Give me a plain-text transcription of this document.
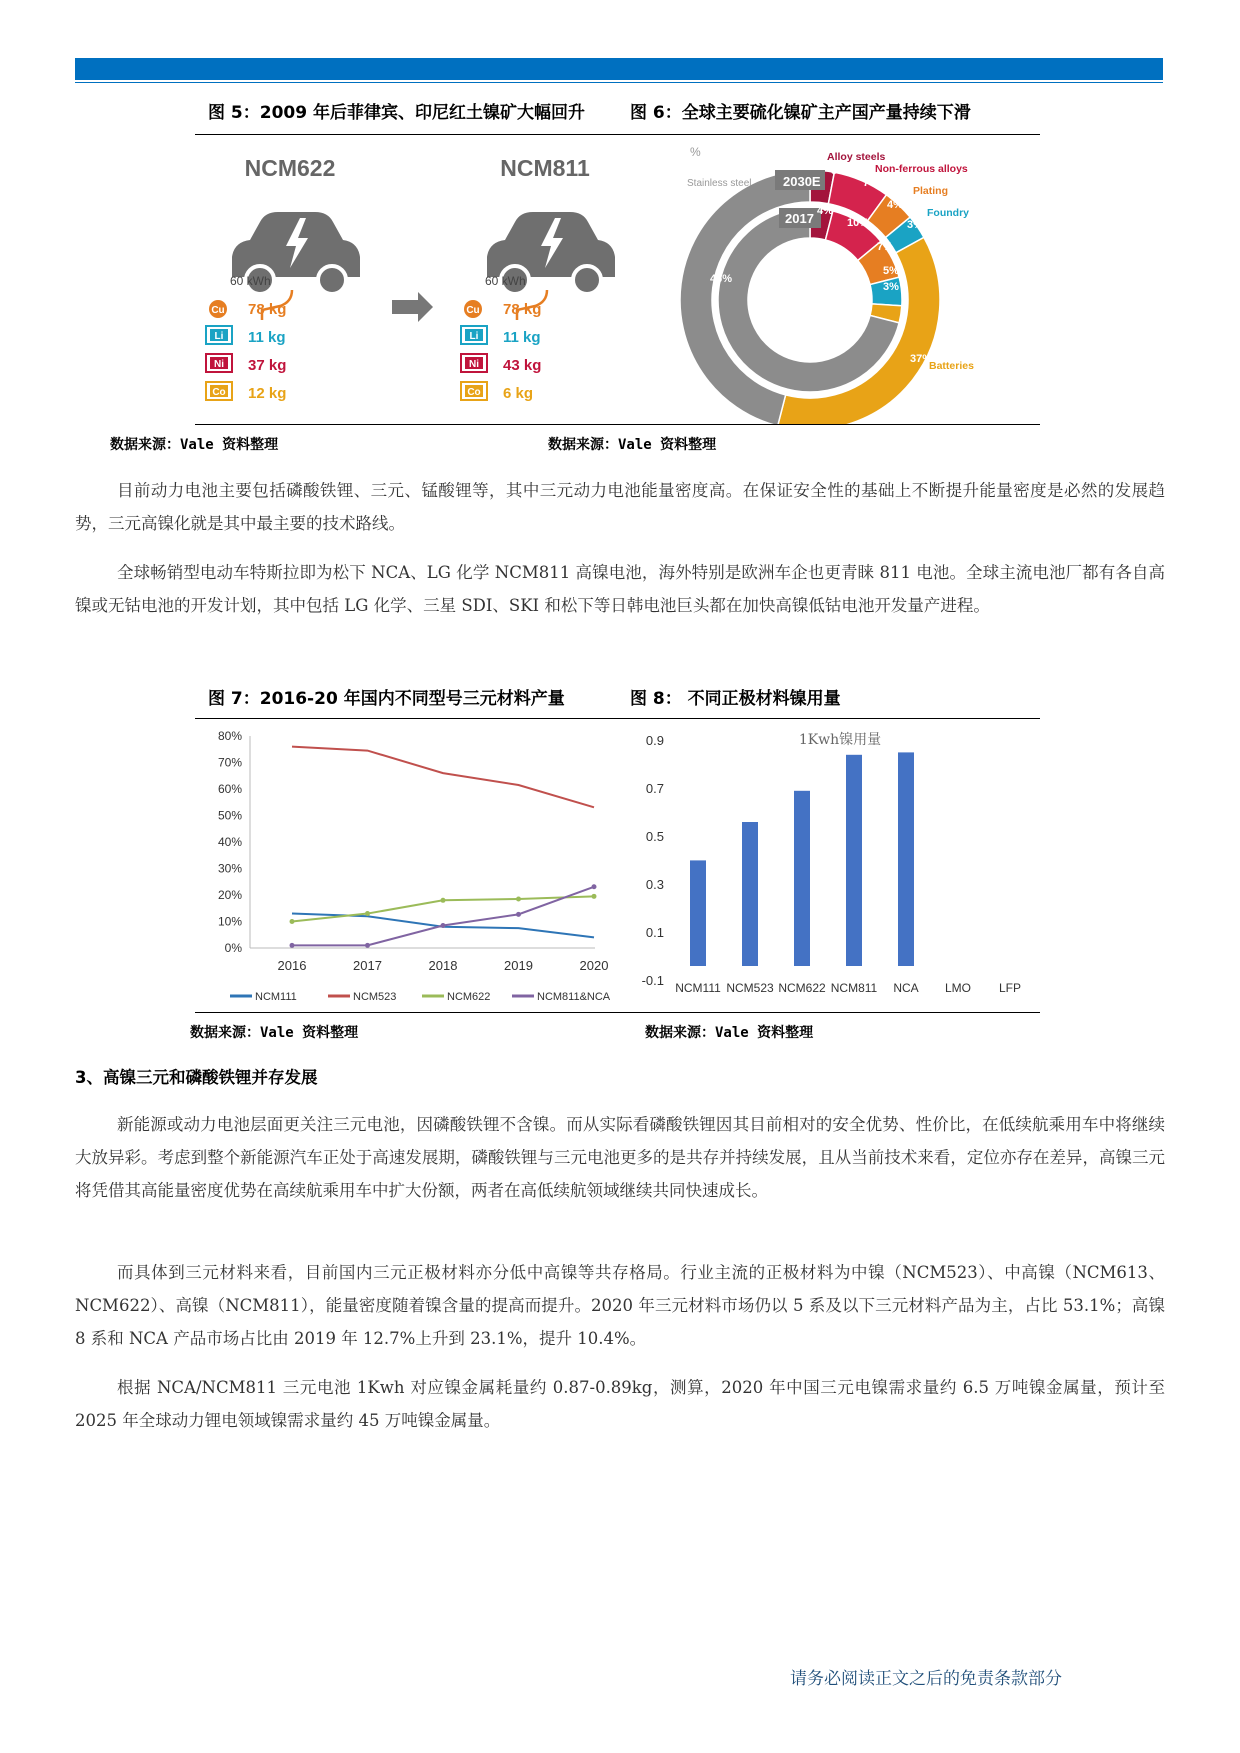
图 5：2009 年后菲律宾、印尼红土镍矿大幅回升	图 6：全球主要硫化镍矿主产国产量持续下滑
NCM622
60 kWh
NCM811
60 kWh
Cu 78 kg
Li 11 kg
Ni 37 kg
Co 12 kg
Cu 78 kg
Li 11 kg
Ni 43 kg
Co 6 kg
%
2030E
2017
Stainless steel
Alloy steels
Non-ferrous alloys
Plating
Foundry
Batteries
3%
7%
4%
3%
37%
46%
4%
10%
7%
5%
3%
71%
数据来源：Vale 资料整理	数据来源：Vale 资料整理

目前动力电池主要包括磷酸铁锂、三元、锰酸锂等，其中三元动力电池能量密度高。在保证安全性的基础上不断提升能量密度是必然的发展趋势，三元高镍化就是其中最主要的技术路线。

全球畅销型电动车特斯拉即为松下 NCA、LG 化学 NCM811 高镍电池，海外特别是欧洲车企也更青睐 811 电池。全球主流电池厂都有各自高镍或无钴电池的开发计划，其中包括 LG 化学、三星 SDI、SKI 和松下等日韩电池巨头都在加快高镍低钴电池开发量产进程。

图 7：2016-20 年国内不同型号三元材料产量	图 8： 不同正极材料镍用量
0%
10%
20%
30%
40%
50%
60%
70%
80%
2016	2017	2018	2019	2020
NCM111	NCM523	NCM622	NCM811&NCA
1Kwh镍用量
-0.1
0.1
0.3
0.5
0.7
0.9
NCM111 NCM523 NCM622 NCM811 NCA LMO LFP
数据来源：Vale 资料整理	数据来源：Vale 资料整理
3、高镍三元和磷酸铁锂并存发展

新能源或动力电池层面更关注三元电池，因磷酸铁锂不含镍。而从实际看磷酸铁锂因其目前相对的安全优势、性价比，在低续航乘用车中将继续大放异彩。考虑到整个新能源汽车正处于高速发展期，磷酸铁锂与三元电池更多的是共存并持续发展，且从当前技术来看，定位亦存在差异，高镍三元将凭借其高能量密度优势在高续航乘用车中扩大份额，两者在高低续航领域继续共同快速成长。

而具体到三元材料来看，目前国内三元正极材料亦分低中高镍等共存格局。行业主流的正极材料为中镍（NCM523）、中高镍（NCM613、NCM622）、高镍（NCM811），能量密度随着镍含量的提高而提升。2020 年三元材料市场仍以 5 系及以下三元材料产品为主，占比 53.1%；高镍 8 系和 NCA 产品市场占比由 2019 年 12.7%上升到 23.1%，提升 10.4%。

根据 NCA/NCM811 三元电池 1Kwh 对应镍金属耗量约 0.87-0.89kg，测算，2020 年中国三元电镍需求量约 6.5 万吨镍金属量，预计至 2025 年全球动力锂电领域镍需求量约 45 万吨镍金属量。

请务必阅读正文之后的免责条款部分
